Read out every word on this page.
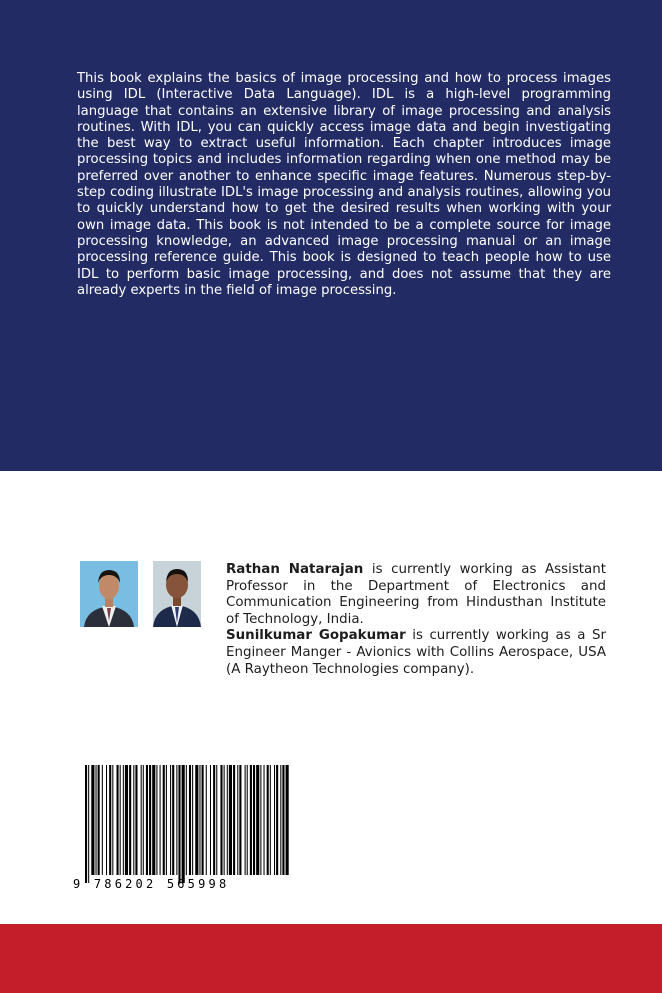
This book explains the basics of image processing and how to process images using IDL (Interactive Data Language). IDL is a high-level programming language that contains an extensive library of image processing and analysis routines. With IDL, you can quickly access image data and begin investigating the best way to extract useful information. Each chapter introduces image processing topics and includes information regarding when one method may be preferred over another to enhance specific image features. Numerous step-by-step coding illustrate IDL's image processing and analysis routines, allowing you to quickly understand how to get the desired results when working with your own image data. This book is not intended to be a complete source for image processing knowledge, an advanced image processing manual or an image processing reference guide. This book is designed to teach people how to use IDL to perform basic image processing, and does not assume that they are already experts in the field of image processing.

Rathan Natarajan is currently working as Assistant Professor in the Department of Electronics and Communication Engineering from Hindusthan Institute of Technology, India.

Sunilkumar Gopakumar is currently working as a Sr Engineer Manger - Avionics with Collins Aerospace, USA (A Raytheon Technologies company).

9 786202 565998
